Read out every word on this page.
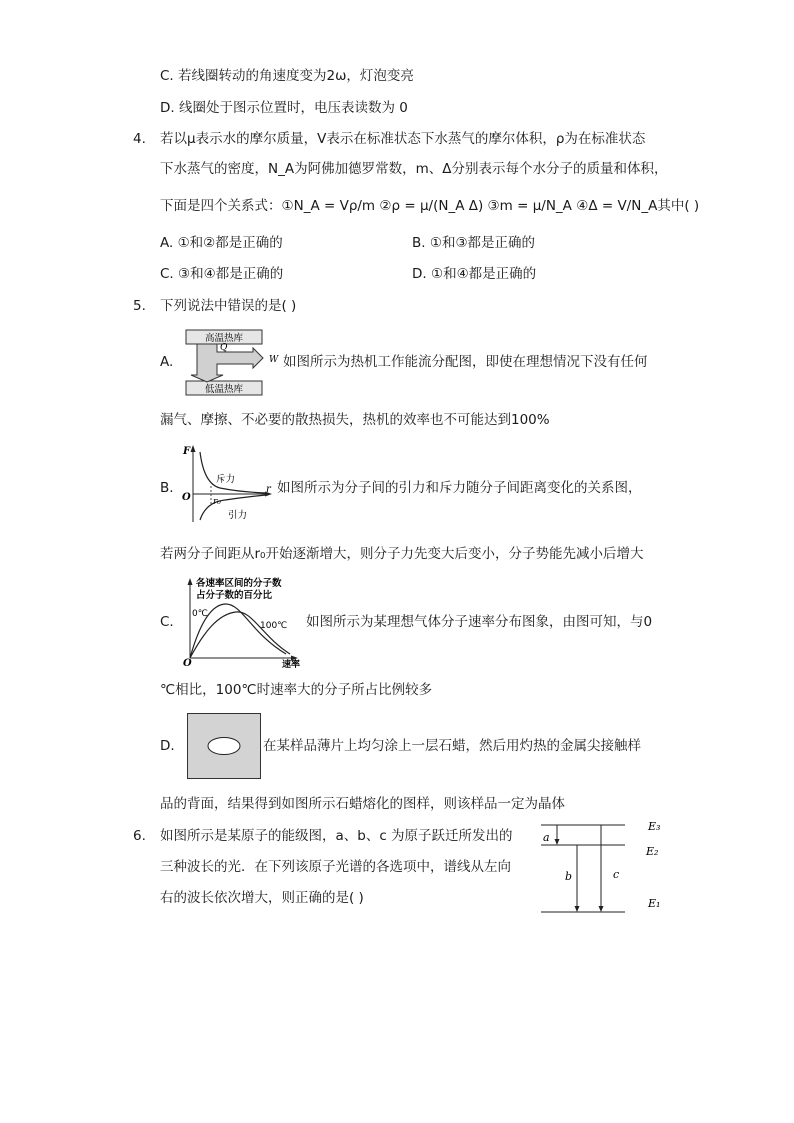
C. 若线圈转动的角速度变为2ω，灯泡变亮
D. 线圈处于图示位置时，电压表读数为 0
4. 若以μ表示水的摩尔质量，V表示在标准状态下水蒸气的摩尔体积，ρ为在标准状态
下水蒸气的密度，N_A为阿佛加德罗常数，m、Δ分别表示每个水分子的质量和体积，
下面是四个关系式：①N_A = Vρ/m ②ρ = μ/(N_A Δ) ③m = μ/N_A ④Δ = V/N_A其中( )
A. ①和②都是正确的	B. ①和③都是正确的
C. ③和④都是正确的	D. ①和④都是正确的
5. 下列说法中错误的是( )
A.
高温热库
低温热库
Q
W 如图所示为热机工作能流分配图，即使在理想情况下没有任何
漏气、摩擦、不必要的散热损失，热机的效率也不可能达到100%
B.
F
O
r
r₀
斥力
引力
如图所示为分子间的引力和斥力随分子间距离变化的关系图，
若两分子间距从r₀开始逐渐增大，则分子力先变大后变小，分子势能先减小后增大
C.
各速率区间的分子数
占分子数的百分比
0℃
100℃
O	速率
如图所示为某理想气体分子速率分布图象，由图可知，与0
℃相比，100℃时速率大的分子所占比例较多
D.	在某样品薄片上均匀涂上一层石蜡，然后用灼热的金属尖接触样
品的背面，结果得到如图所示石蜡熔化的图样，则该样品一定为晶体
6. 如图所示是某原子的能级图，a、b、c 为原子跃迁所发出的
三种波长的光．在下列该原子光谱的各选项中，谱线从左向
右的波长依次增大，则正确的是( )
E₃
E₂
E₁
a
b	c
